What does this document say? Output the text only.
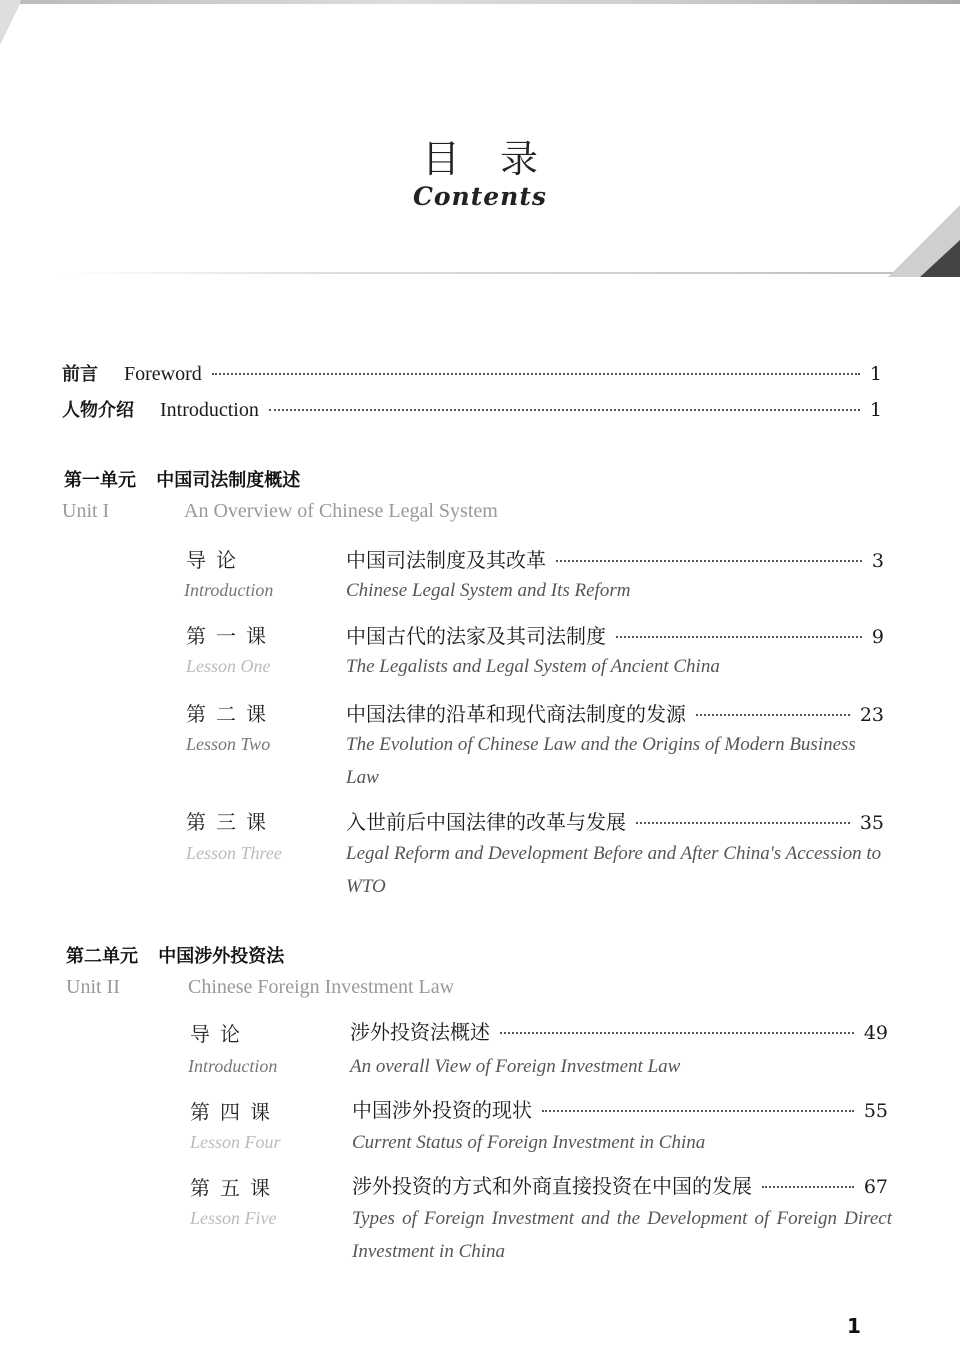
目录
Contents
前言 Foreword	1
人物介绍 Introduction	1
第一单元 中国司法制度概述
Unit I	An Overview of Chinese Legal System
导论	中国司法制度及其改革	3
Introduction	Chinese Legal System and Its Reform
第一课	中国古代的法家及其司法制度	9
Lesson One	The Legalists and Legal System of Ancient China
第二课	中国法律的沿革和现代商法制度的发源	23
Lesson Two	The Evolution of Chinese Law and the Origins of Modern Business Law
第三课	入世前后中国法律的改革与发展	35
Lesson Three	Legal Reform and Development Before and After China's Accession to WTO
第二单元 中国涉外投资法
Unit II	Chinese Foreign Investment Law
导论	涉外投资法概述	49
Introduction	An overall View of Foreign Investment Law
第四课	中国涉外投资的现状	55
Lesson Four	Current Status of Foreign Investment in China
第五课	涉外投资的方式和外商直接投资在中国的发展	67
Lesson Five	Types of Foreign Investment and the Development of Foreign Direct Investment in China
1
